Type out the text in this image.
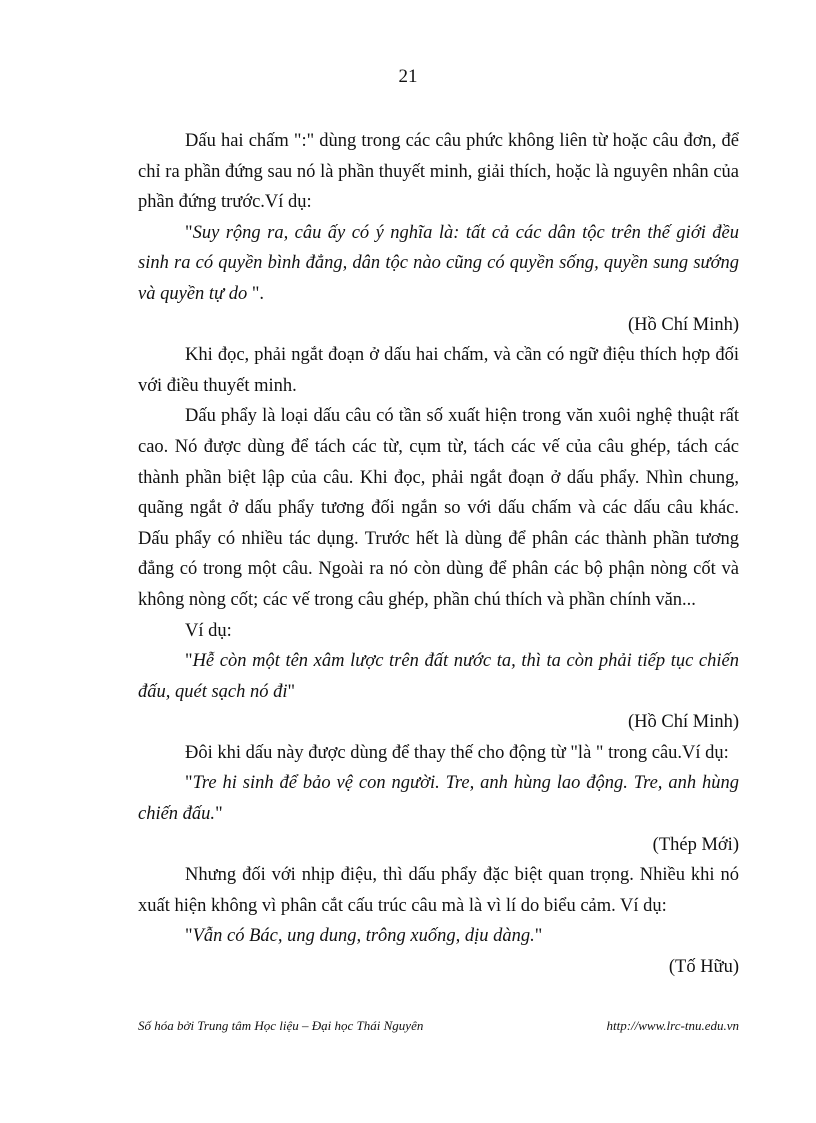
21

Dấu hai chấm ":" dùng trong các câu phức không liên từ hoặc câu đơn, để chỉ ra phần đứng sau nó là phần thuyết minh, giải thích, hoặc là nguyên nhân của phần đứng trước.Ví dụ:

"Suy rộng ra, câu ấy có ý nghĩa là: tất cả các dân tộc trên thế giới đều sinh ra có quyền bình đẳng, dân tộc nào cũng có quyền sống, quyền sung sướng và quyền tự do ".

(Hồ Chí Minh)

Khi đọc, phải ngắt đoạn ở dấu hai chấm, và cần có ngữ điệu thích hợp đối với điều thuyết minh.

Dấu phẩy là loại dấu câu có tần số xuất hiện trong văn xuôi nghệ thuật rất cao. Nó được dùng để tách các từ, cụm từ, tách các vế của câu ghép, tách các thành phần biệt lập của câu. Khi đọc, phải ngắt đoạn ở dấu phẩy. Nhìn chung, quãng ngắt ở dấu phẩy tương đối ngắn so với dấu chấm và các dấu câu khác. Dấu phẩy có nhiều tác dụng. Trước hết là dùng để phân các thành phần tương đẳng có trong một câu. Ngoài ra nó còn dùng để phân các bộ phận nòng cốt và không nòng cốt; các vế trong câu ghép, phần chú thích và phần chính văn...

Ví dụ:

"Hễ còn một tên xâm lược trên đất nước ta, thì ta còn phải tiếp tục chiến đấu, quét sạch nó đi"

(Hồ Chí Minh)

Đôi khi dấu này được dùng để thay thế cho động từ "là " trong câu.Ví dụ:

"Tre hi sinh để bảo vệ con người. Tre, anh hùng lao động. Tre, anh hùng chiến đấu."

(Thép Mới)

Nhưng đối với nhịp điệu, thì dấu phẩy đặc biệt quan trọng. Nhiều khi nó xuất hiện không vì phân cắt cấu trúc câu mà là vì lí do biểu cảm. Ví dụ:

"Vẫn có Bác, ung dung, trông xuống, dịu dàng."

(Tố Hữu)

Số hóa bởi Trung tâm Học liệu – Đại học Thái Nguyên	http://www.lrc-tnu.edu.vn
